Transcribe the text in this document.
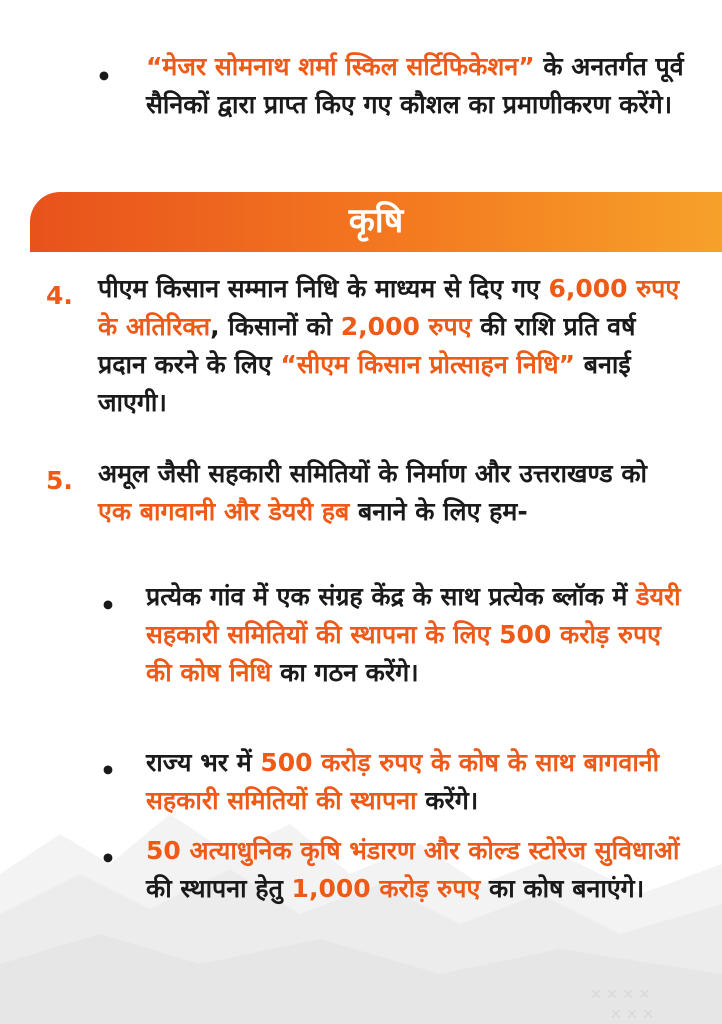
✕ ✕ ✕ ✕
✕ ✕ ✕
• “मेजर सोमनाथ शर्मा स्किल सर्टिफिकेशन” के अनतर्गत पूर्व सैनिकों द्वारा प्राप्त किए गए कौशल का प्रमाणीकरण करेंगे।
कृषि
4. पीएम किसान सम्मान निधि के माध्यम से दिए गए 6,000 रुपए के अतिरिक्त, किसानों को 2,000 रुपए की राशि प्रति वर्ष प्रदान करने के लिए “सीएम किसान प्रोत्साहन निधि” बनाई जाएगी।
5. अमूल जैसी सहकारी समितियों के निर्माण और उत्तराखण्ड को एक बागवानी और डेयरी हब बनाने के लिए हम-
• प्रत्येक गांव में एक संग्रह केंद्र के साथ प्रत्येक ब्लॉक में डेयरी सहकारी समितियों की स्थापना के लिए 500 करोड़ रुपए की कोष निधि का गठन करेंगे।
• राज्य भर में 500 करोड़ रुपए के कोष के साथ बागवानी सहकारी समितियों की स्थापना करेंगे।
• 50 अत्याधुनिक कृषि भंडारण और कोल्ड स्टोरेज सुविधाओं की स्थापना हेतु 1,000 करोड़ रुपए का कोष बनाएंगे।
